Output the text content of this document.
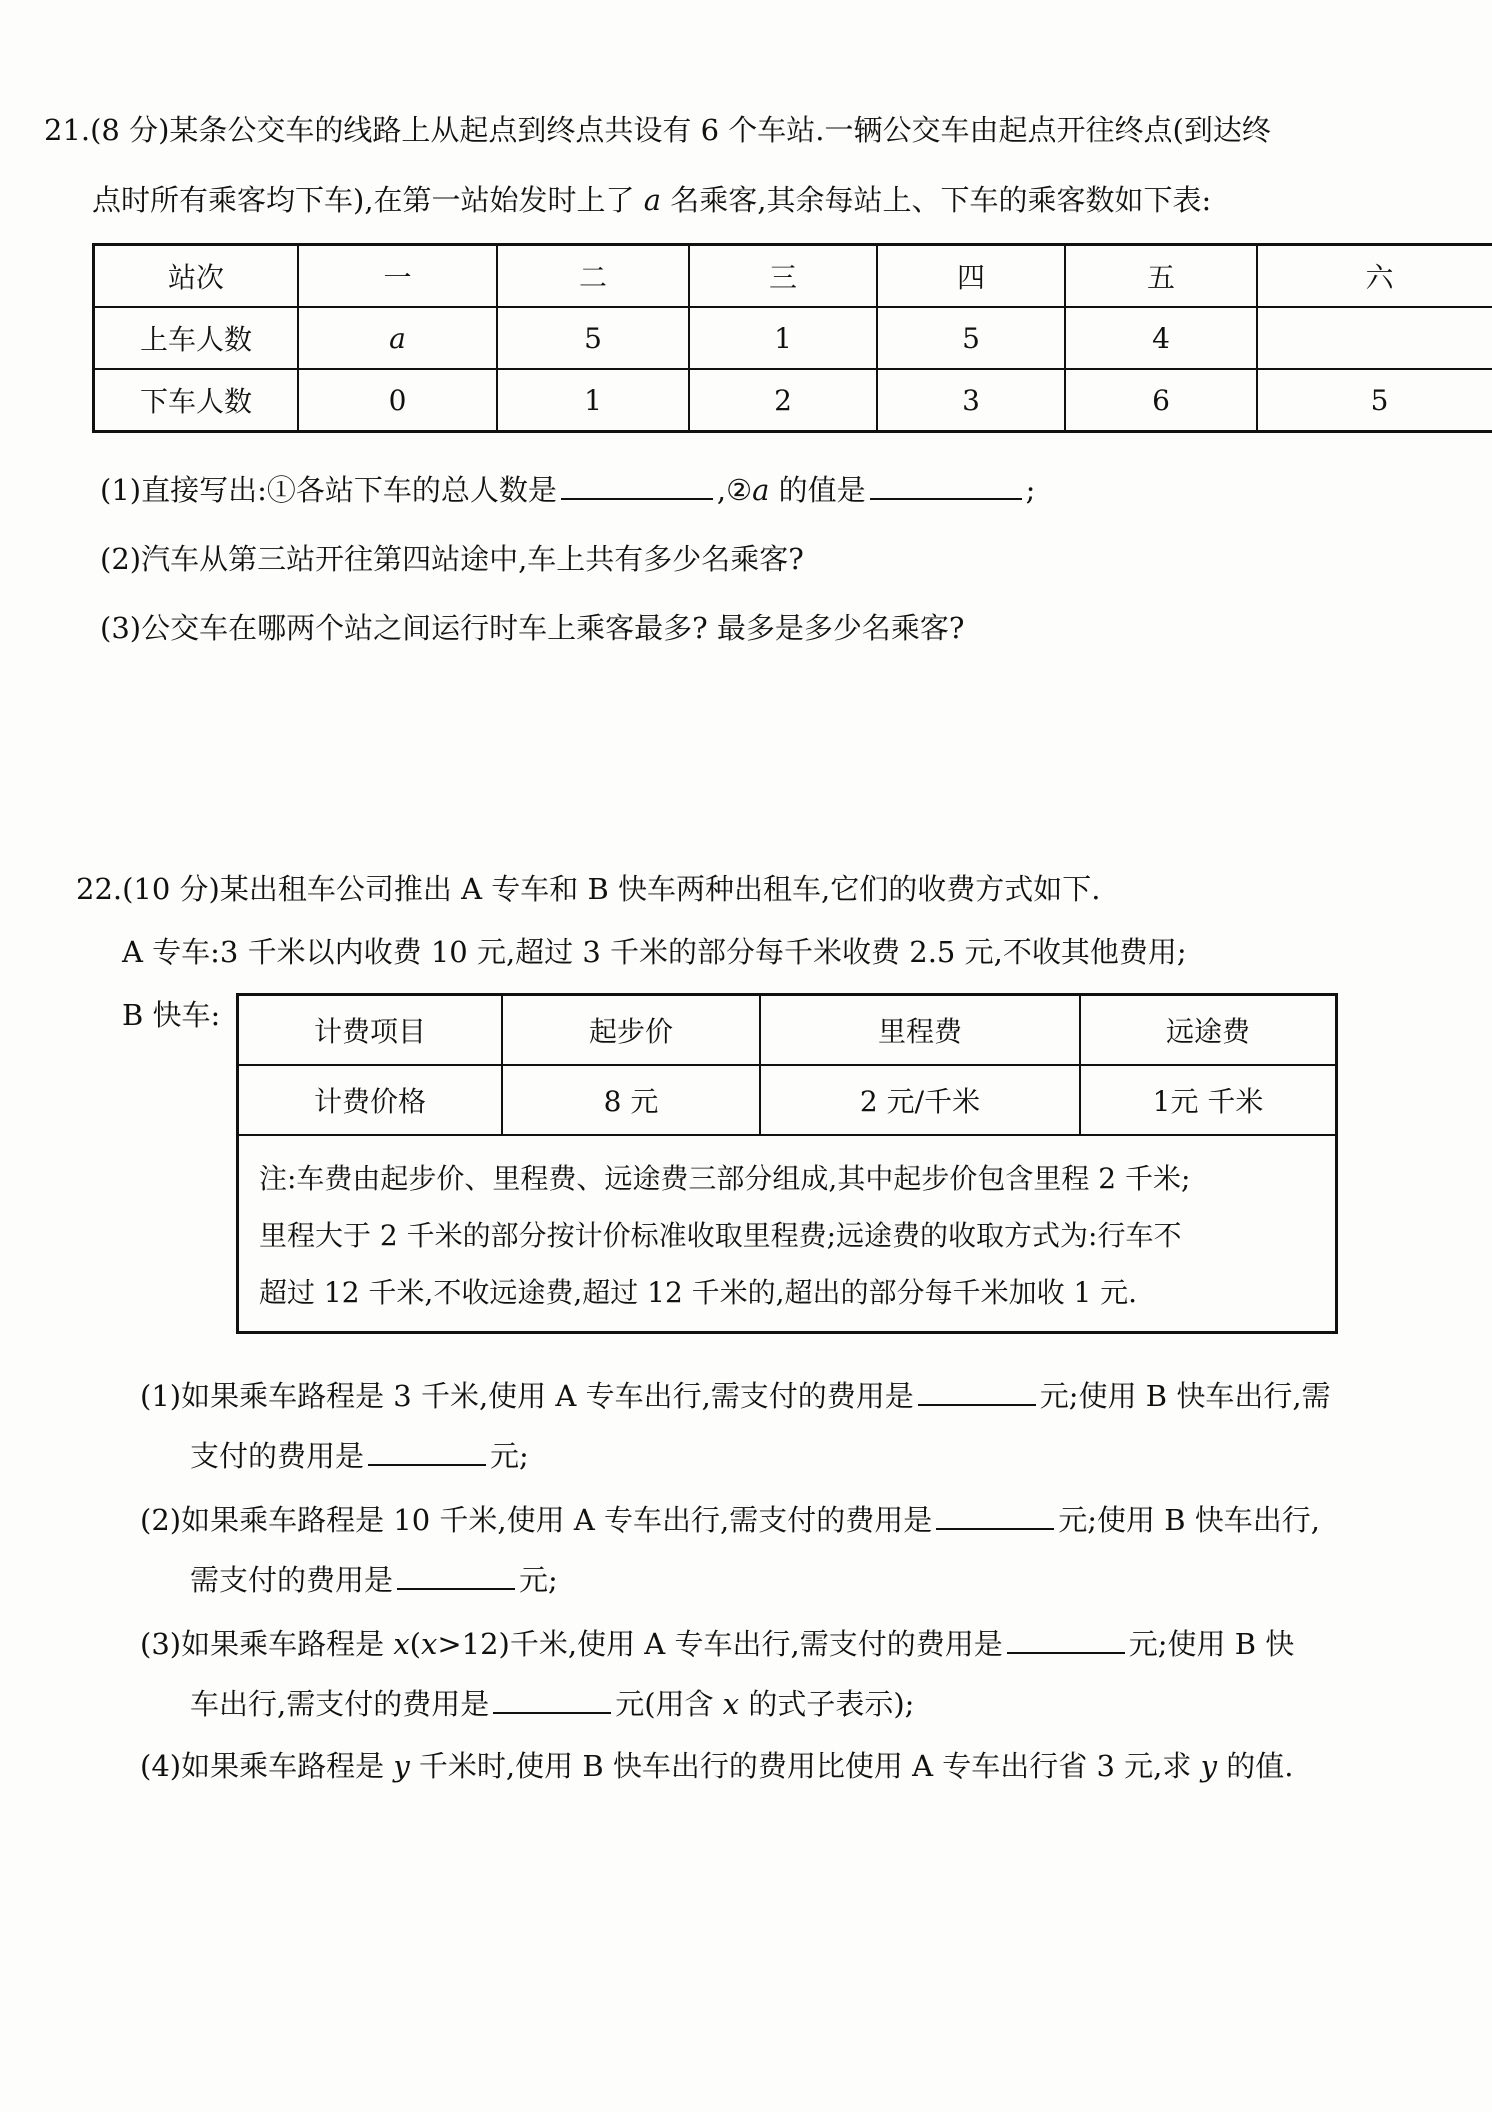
21.(8 分)某条公交车的线路上从起点到终点共设有 6 个车站.一辆公交车由起点开往终点(到达终
点时所有乘客均下车),在第一站始发时上了 a 名乘客,其余每站上、下车的乘客数如下表:
站次	一	二	三	四	五	六
上车人数	a	5	1	5	4	
下车人数	0	1	2	3	6	5
(1)直接写出:①各站下车的总人数是	,②a 的值是	;
(2)汽车从第三站开往第四站途中,车上共有多少名乘客?
(3)公交车在哪两个站之间运行时车上乘客最多? 最多是多少名乘客?
22.(10 分)某出租车公司推出 A 专车和 B 快车两种出租车,它们的收费方式如下.
A 专车:3 千米以内收费 10 元,超过 3 千米的部分每千米收费 2.5 元,不收其他费用;
B 快车:	计费项目	起步价	里程费	远途费
计费价格	8 元	2 元/千米	1元 千米

注:车费由起步价、里程费、远途费三部分组成,其中起步价包含里程 2 千米;
里程大于 2 千米的部分按计价标准收取里程费;远途费的收取方式为:行车不
超过 12 千米,不收远途费,超过 12 千米的,超出的部分每千米加收 1 元.			
(1)如果乘车路程是 3 千米,使用 A 专车出行,需支付的费用是	元;使用 B 快车出行,需
支付的费用是	元;
(2)如果乘车路程是 10 千米,使用 A 专车出行,需支付的费用是	元;使用 B 快车出行,
需支付的费用是	元;
(3)如果乘车路程是 x(x>12)千米,使用 A 专车出行,需支付的费用是	元;使用 B 快
车出行,需支付的费用是	元(用含 x 的式子表示);
(4)如果乘车路程是 y 千米时,使用 B 快车出行的费用比使用 A 专车出行省 3 元,求 y 的值.
